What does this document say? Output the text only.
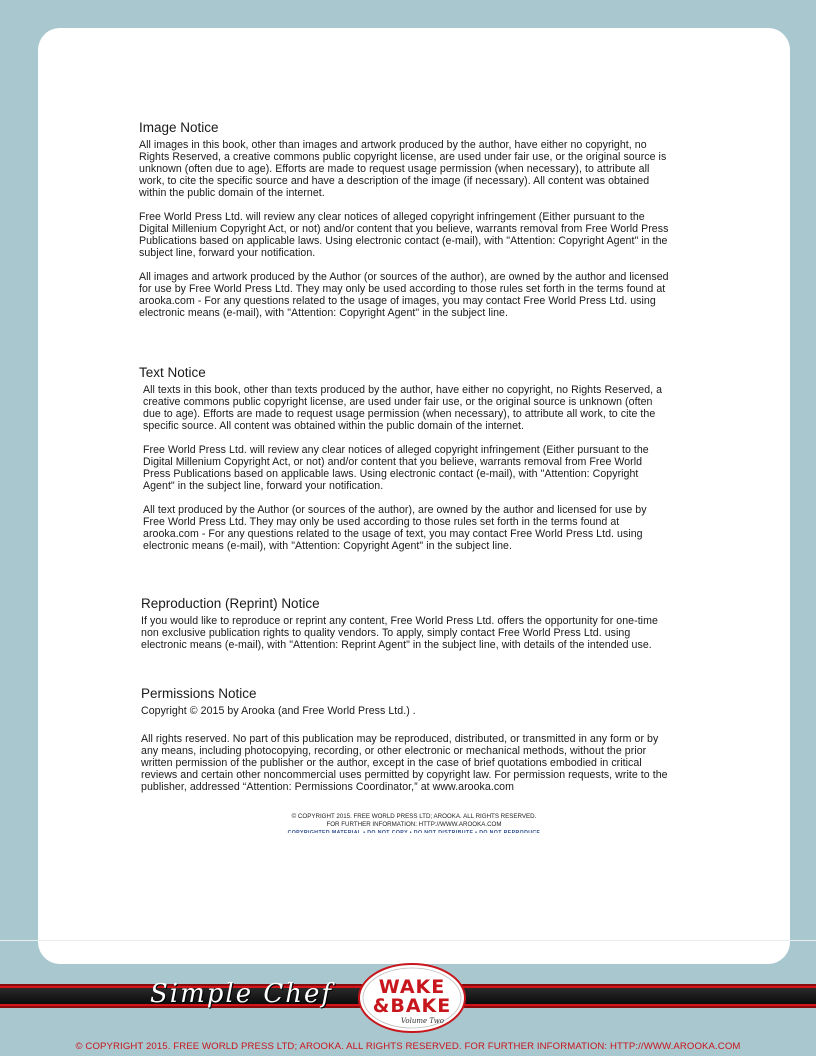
Image Notice

All images in this book, other than images and artwork produced by the author, have either no copyright, no Rights Reserved, a creative commons public copyright license, are used under fair use, or the original source is unknown (often due to age). Efforts are made to request usage permission (when necessary), to attribute all work, to cite the specific source and have a description of the image (if necessary). All content was obtained within the public domain of the internet.

Free World Press Ltd. will review any clear notices of alleged copyright infringement (Either pursuant to the Digital Millenium Copyright Act, or not) and/or content that you believe, warrants removal from Free World Press Publications based on applicable laws. Using electronic contact (e-mail), with "Attention: Copyright Agent" in the subject line, forward your notification.

All images and artwork produced by the Author (or sources of the author), are owned by the author and licensed for use by Free World Press Ltd. They may only be used according to those rules set forth in the terms found at arooka.com - For any questions related to the usage of images, you may contact Free World Press Ltd. using electronic means (e-mail), with "Attention: Copyright Agent" in the subject line.

Text Notice

All texts in this book, other than texts produced by the author, have either no copyright, no Rights Reserved, a creative commons public copyright license, are used under fair use, or the original source is unknown (often due to age). Efforts are made to request usage permission (when necessary), to attribute all work, to cite the specific source. All content was obtained within the public domain of the internet.

Free World Press Ltd. will review any clear notices of alleged copyright infringement (Either pursuant to the Digital Millenium Copyright Act, or not) and/or content that you believe, warrants removal from Free World Press Publications based on applicable laws. Using electronic contact (e-mail), with "Attention: Copyright Agent" in the subject line, forward your notification.

All text produced by the Author (or sources of the author), are owned by the author and licensed for use by Free World Press Ltd. They may only be used according to those rules set forth in the terms found at arooka.com - For any questions related to the usage of text, you may contact Free World Press Ltd. using electronic means (e-mail), with "Attention: Copyright Agent" in the subject line.

Reproduction (Reprint) Notice

If you would like to reproduce or reprint any content, Free World Press Ltd. offers the opportunity for one-time non exclusive publication rights to quality vendors. To apply, simply contact Free World Press Ltd. using electronic means (e-mail), with "Attention: Reprint Agent" in the subject line, with details of the intended use.

Permissions Notice

Copyright © 2015 by Arooka (and Free World Press Ltd.) .

All rights reserved. No part of this publication may be reproduced, distributed, or transmitted in any form or by any means, including photocopying, recording, or other electronic or mechanical methods, without the prior written permission of the publisher or the author, except in the case of brief quotations embodied in critical reviews and certain other noncommercial uses permitted by copyright law. For permission requests, write to the publisher, addressed “Attention: Permissions Coordinator,” at www.arooka.com

© COPYRIGHT 2015. FREE WORLD PRESS LTD; AROOKA. ALL RIGHTS RESERVED.
FOR FURTHER INFORMATION: HTTP://WWW.AROOKA.COM
COPYRIGHTED MATERIAL • DO NOT COPY • DO NOT DISTRIBUTE • DO NOT REPRODUCE
Simple Chef	WAKE
&BAKE
Volume Two
© COPYRIGHT 2015. FREE WORLD PRESS LTD; AROOKA. ALL RIGHTS RESERVED. FOR FURTHER INFORMATION: HTTP://WWW.AROOKA.COM
